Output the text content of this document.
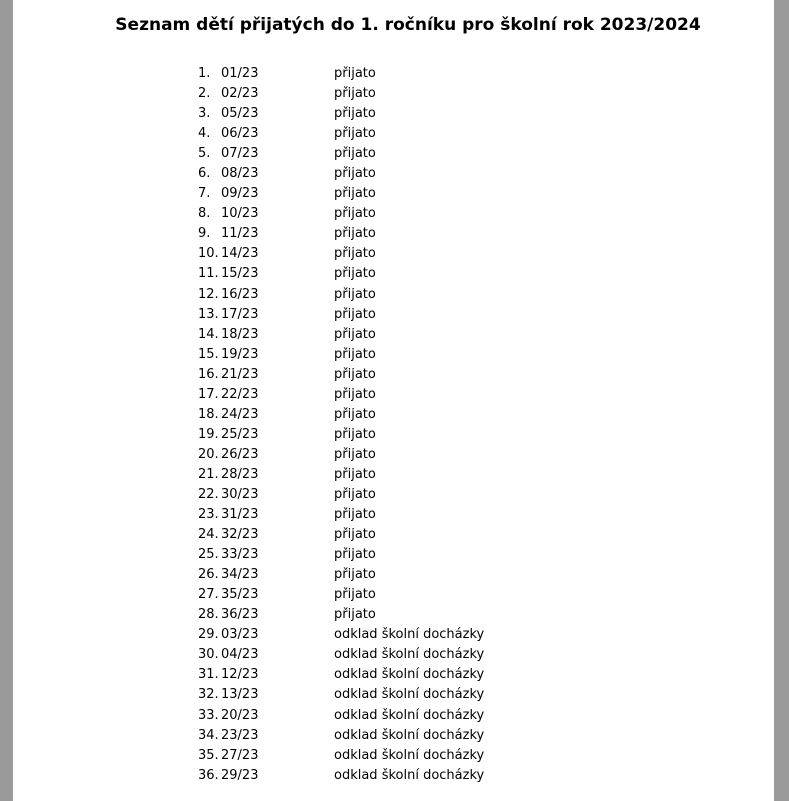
Seznam dětí přijatých do 1. ročníku pro školní rok 2023/2024
1. 01/23	přijato
2. 02/23	přijato
3. 05/23	přijato
4. 06/23	přijato
5. 07/23	přijato
6. 08/23	přijato
7. 09/23	přijato
8. 10/23	přijato
9. 11/23	přijato
10. 14/23	přijato
11. 15/23	přijato
12. 16/23	přijato
13. 17/23	přijato
14. 18/23	přijato
15. 19/23	přijato
16. 21/23	přijato
17. 22/23	přijato
18. 24/23	přijato
19. 25/23	přijato
20. 26/23	přijato
21. 28/23	přijato
22. 30/23	přijato
23. 31/23	přijato
24. 32/23	přijato
25. 33/23	přijato
26. 34/23	přijato
27. 35/23	přijato
28. 36/23	přijato
29. 03/23	odklad školní docházky
30. 04/23	odklad školní docházky
31. 12/23	odklad školní docházky
32. 13/23	odklad školní docházky
33. 20/23	odklad školní docházky
34. 23/23	odklad školní docházky
35. 27/23	odklad školní docházky
36. 29/23	odklad školní docházky
